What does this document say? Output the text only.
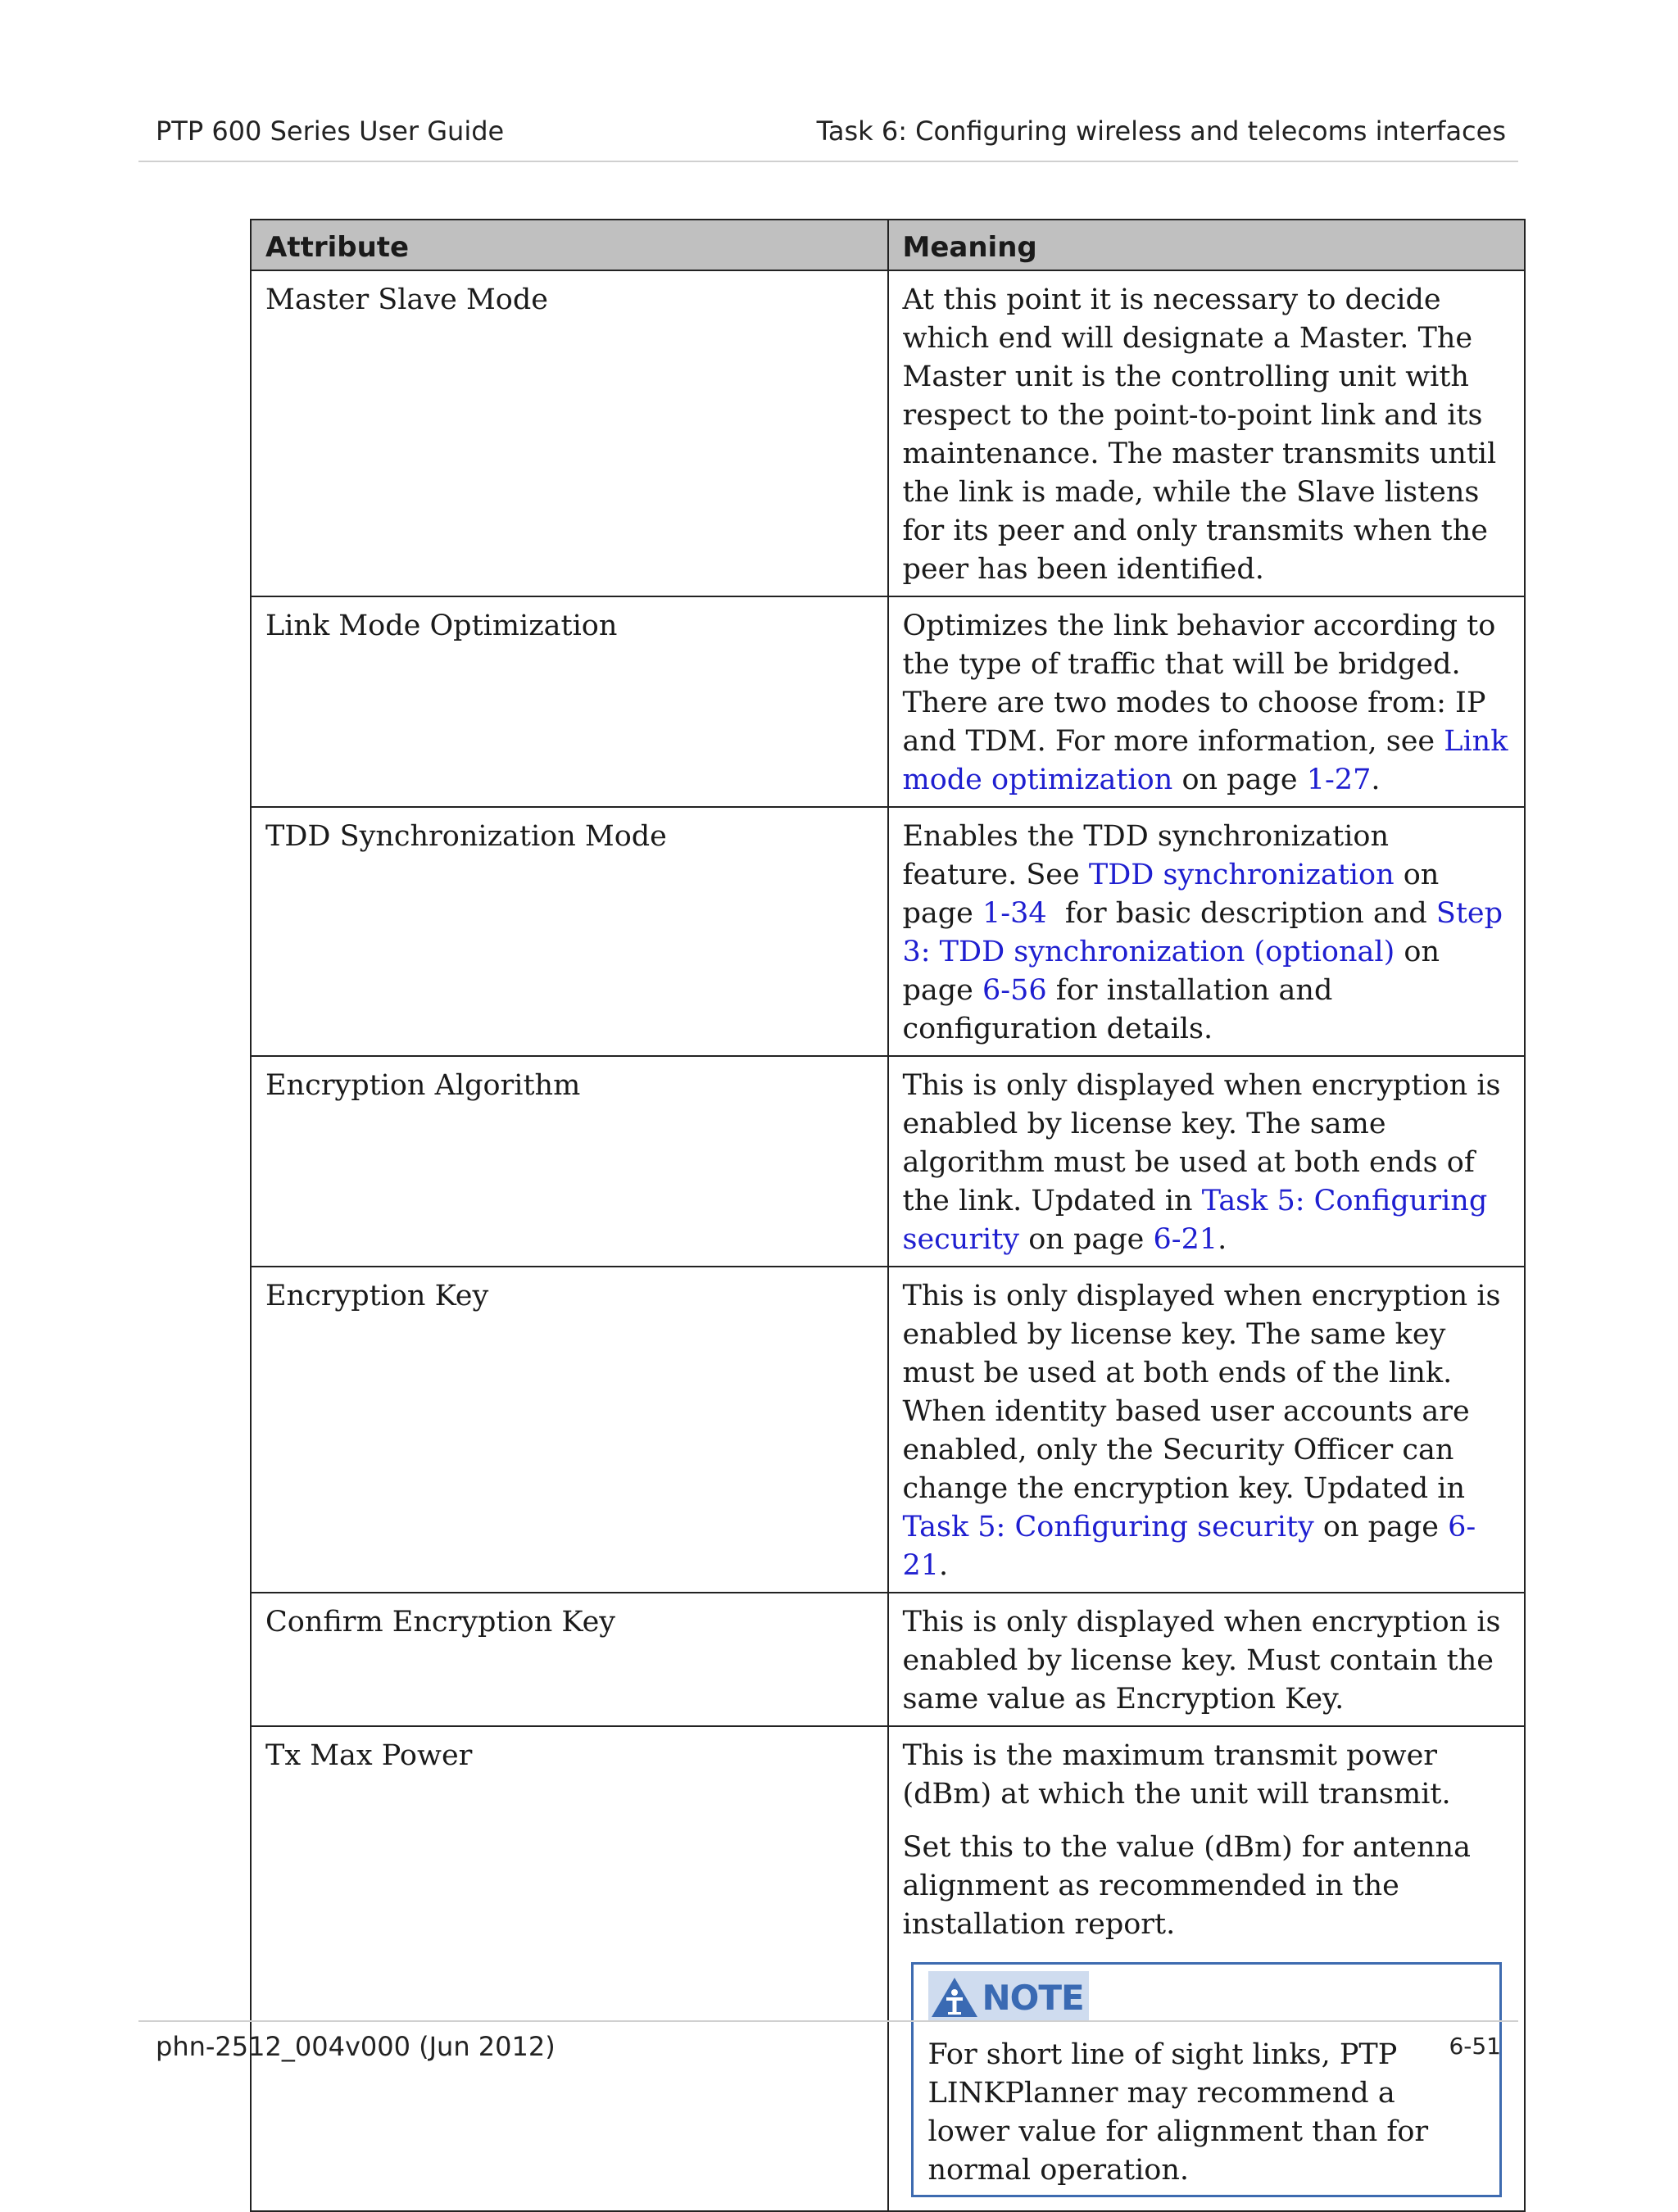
PTP 600 Series User Guide	Task 6: Configuring wireless and telecoms interfaces
Attribute	Meaning
Master Slave Mode	At this point it is necessary to decide which end will designate a Master. The Master unit is the controlling unit with respect to the point-to-point link and its maintenance. The master transmits until the link is made, while the Slave listens for its peer and only transmits when the peer has been identified.
Link Mode Optimization	Optimizes the link behavior according to the type of traffic that will be bridged. There are two modes to choose from: IP and TDM. For more information, see Link mode optimization on page 1-27.
TDD Synchronization Mode	Enables the TDD synchronization feature. See TDD synchronization on page 1-34  for basic description and Step 3: TDD synchronization (optional) on page 6-56 for installation and configuration details.
Encryption Algorithm	This is only displayed when encryption is enabled by license key. The same algorithm must be used at both ends of the link. Updated in Task 5: Configuring security on page 6-21.
Encryption Key	This is only displayed when encryption is enabled by license key. The same key must be used at both ends of the link. When identity based user accounts are enabled, only the Security Officer can change the encryption key. Updated in Task 5: Configuring security on page 6-21.
Confirm Encryption Key	This is only displayed when encryption is enabled by license key. Must contain the same value as Encryption Key.
Tx Max Power	This is the maximum transmit power (dBm) at which the unit will transmit.

Set this to the value (dBm) for antenna alignment as recommended in the installation report.

NOTE
For short line of sight links, PTP LINKPlanner may recommend a lower value for alignment than for normal operation.
phn-2512_004v000 (Jun 2012)	6-51
